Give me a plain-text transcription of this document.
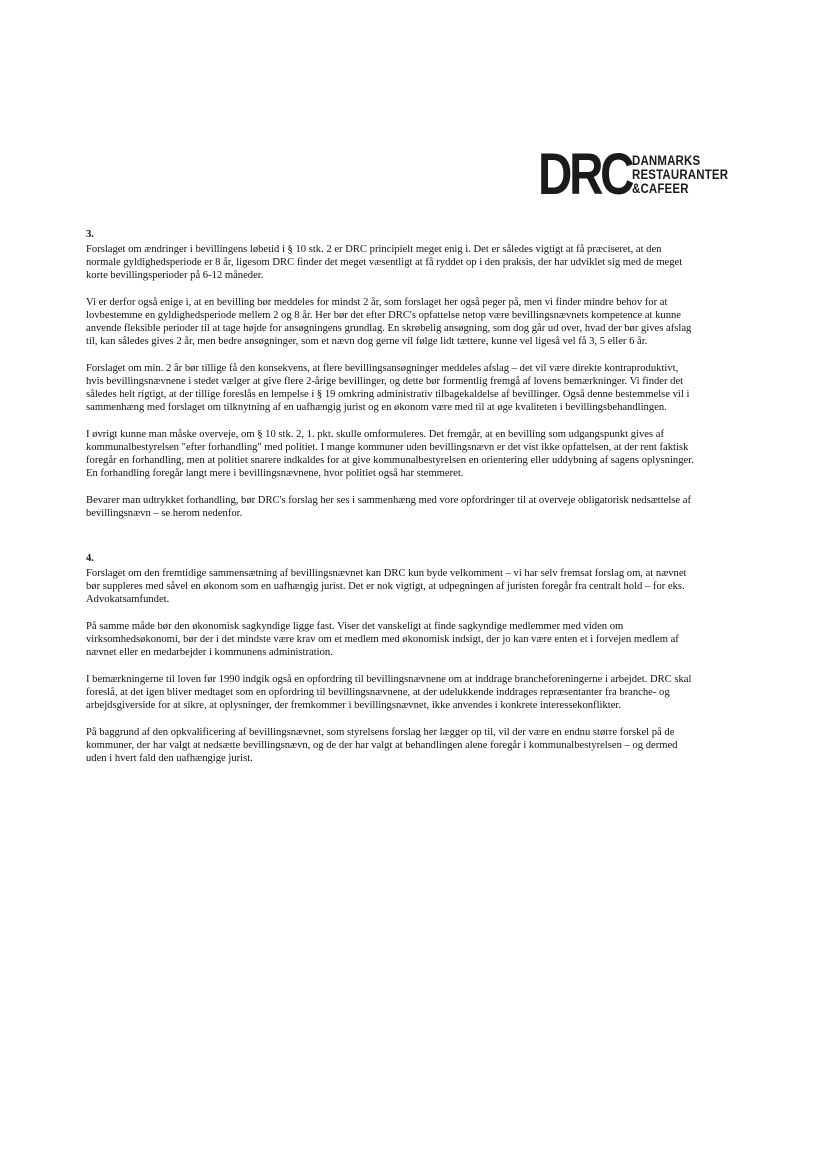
DRC DANMARKS
RESTAURANTER
&CAFEER
3.

Forslaget om ændringer i bevillingens løbetid i § 10 stk. 2 er DRC principielt meget enig i. Det er således vigtigt at få præciseret, at den normale gyldighedsperiode er 8 år, ligesom DRC finder det meget væsentligt at få ryddet op i den praksis, der har udviklet sig med de meget korte bevillingsperioder på 6-12 måneder.

Vi er derfor også enige i, at en bevilling bør meddeles for mindst 2 år, som forslaget her også peger på, men vi finder mindre behov for at lovbestemme en gyldighedsperiode mellem 2 og 8 år. Her bør det efter DRC's opfattelse netop være bevillingsnævnets kompetence at kunne anvende fleksible perioder til at tage højde for ansøgningens grundlag. En skrøbelig ansøgning, som dog går ud over, hvad der bør gives afslag til, kan således gives 2 år, men bedre ansøgninger, som et nævn dog gerne vil følge lidt tættere, kunne vel ligeså vel få 3, 5 eller 6 år.

Forslaget om min. 2 år bør tillige få den konsekvens, at flere bevillingsansøgninger meddeles afslag – det vil være direkte kontraproduktivt, hvis bevillingsnævnene i stedet vælger at give flere 2-årige bevillinger, og dette bør formentlig fremgå af lovens bemærkninger. Vi finder det således helt rigtigt, at der tillige foreslås en lempelse i § 19 omkring administrativ tilbagekaldelse af bevillinger. Også denne bestemmelse vil i sammenhæng med forslaget om tilknytning af en uafhængig jurist og en økonom være med til at øge kvaliteten i bevillingsbehandlingen.

I øvrigt kunne man måske overveje, om § 10 stk. 2, 1. pkt. skulle omformuleres. Det fremgår, at en bevilling som udgangspunkt gives af kommunalbestyrelsen "efter forhandling" med politiet. I mange kommuner uden bevillingsnævn er det vist ikke opfattelsen, at der rent faktisk foregår en forhandling, men at politiet snarere indkaldes for at give kommunalbestyrelsen en orientering eller uddybning af sagens oplysninger. En forhandling foregår langt mere i bevillingsnævnene, hvor politiet også har stemmeret.

Bevarer man udtrykket forhandling, bør DRC's forslag her ses i sammenhæng med vore opfordringer til at overveje obligatorisk nedsættelse af bevillingsnævn – se herom nedenfor.

4.

Forslaget om den fremtidige sammensætning af bevillingsnævnet kan DRC kun byde velkomment – vi har selv fremsat forslag om, at nævnet bør suppleres med såvel en økonom som en uafhængig jurist. Det er nok vigtigt, at udpegningen af juristen foregår fra centralt hold – for eks. Advokatsamfundet.

På samme måde bør den økonomisk sagkyndige ligge fast. Viser det vanskeligt at finde sagkyndige medlemmer med viden om virksomhedsøkonomi, bør der i det mindste være krav om et medlem med økonomisk indsigt, der jo kan være enten et i forvejen medlem af nævnet eller en medarbejder i kommunens administration.

I bemærkningerne til loven før 1990 indgik også en opfordring til bevillingsnævnene om at inddrage brancheforeningerne i arbejdet. DRC skal foreslå, at det igen bliver medtaget som en opfordring til bevillingsnævnene, at der udelukkende inddrages repræsentanter fra branche- og arbejdsgiverside for at sikre, at oplysninger, der fremkommer i bevillingsnævnet, ikke anvendes i konkrete interessekonflikter.

På baggrund af den opkvalificering af bevillingsnævnet, som styrelsens forslag her lægger op til, vil der være en endnu større forskel på de kommuner, der har valgt at nedsætte bevillingsnævn, og de der har valgt at behandlingen alene foregår i kommunalbestyrelsen – og dermed uden i hvert fald den uafhængige jurist.
